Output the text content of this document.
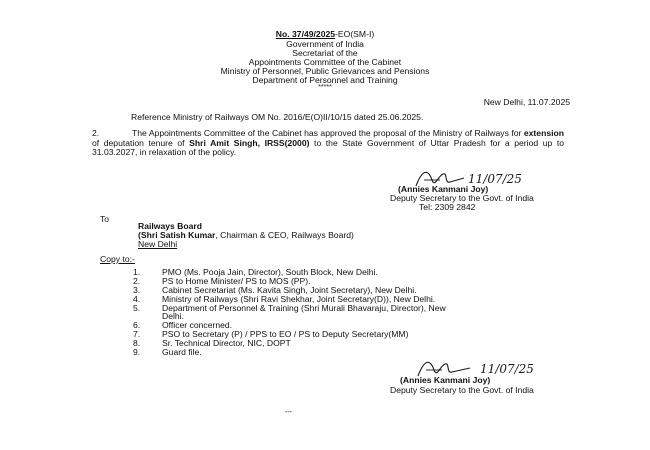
No. 37/49/2025-EO(SM-I)
Government of India
Secretariat of the
Appointments Committee of the Cabinet
Ministry of Personnel, Public Grievances and Pensions
Department of Personnel and Training
*****
New Delhi, 11.07.2025
Reference Ministry of Railways OM No. 2016/E(O)II/10/15 dated 25.06.2025.
2.	The Appointments Committee of the Cabinet has approved the proposal of the Ministry of Railways for extension of deputation tenure of Shri Amit Singh, IRSS(2000) to the State Government of Uttar Pradesh for a period up to 31.03.2027, in relaxation of the policy.
11/07/25
(Annies Kanmani Joy)
Deputy Secretary to the Govt. of India
Tel: 2309 2842
To
Railways Board
(Shri Satish Kumar, Chairman & CEO, Railways Board)
New Delhi
Copy to:-
1.	PMO (Ms. Pooja Jain, Director), South Block, New Delhi.
2.	PS to Home Minister/ PS to MOS (PP).
3.	Cabinet Secretariat (Ms. Kavita Singh, Joint Secretary), New Delhi.
4.	Ministry of Railways (Shri Ravi Shekhar, Joint Secretary(D)), New Delhi.
5.	Department of Personnel & Training (Shri Murali Bhavaraju, Director), New
Delhi.
6.	Officer concerned.
7.	PSO to Secretary (P) / PPS to EO / PS to Deputy Secretary(MM)
8.	Sr. Technical Director, NIC, DOPT
9.	Guard file.
11/07/25
(Annies Kanmani Joy)
Deputy Secretary to the Govt. of India
---
